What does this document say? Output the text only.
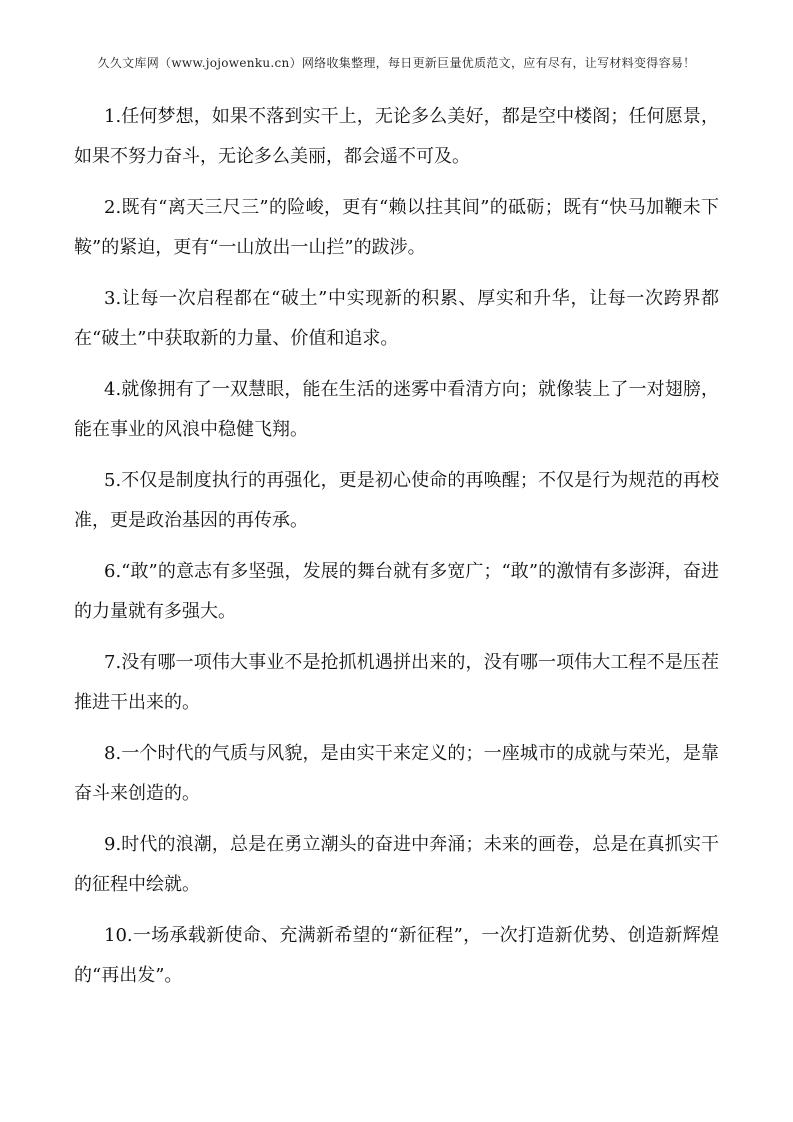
久久文库网（www.jojowenku.cn）网络收集整理，每日更新巨量优质范文，应有尽有，让写材料变得容易！

1.任何梦想，如果不落到实干上，无论多么美好，都是空中楼阁；任何愿景，如果不努力奋斗，无论多么美丽，都会遥不可及。

2.既有“离天三尺三”的险峻，更有“赖以拄其间”的砥砺；既有“快马加鞭未下鞍”的紧迫，更有“一山放出一山拦”的跋涉。

3.让每一次启程都在“破土”中实现新的积累、厚实和升华，让每一次跨界都在“破土”中获取新的力量、价值和追求。

4.就像拥有了一双慧眼，能在生活的迷雾中看清方向；就像装上了一对翅膀，能在事业的风浪中稳健飞翔。

5.不仅是制度执行的再强化，更是初心使命的再唤醒；不仅是行为规范的再校准，更是政治基因的再传承。

6.“敢”的意志有多坚强，发展的舞台就有多宽广；“敢”的激情有多澎湃，奋进的力量就有多强大。

7.没有哪一项伟大事业不是抢抓机遇拼出来的，没有哪一项伟大工程不是压茬推进干出来的。

8.一个时代的气质与风貌，是由实干来定义的；一座城市的成就与荣光，是靠奋斗来创造的。

9.时代的浪潮，总是在勇立潮头的奋进中奔涌；未来的画卷，总是在真抓实干的征程中绘就。

10.一场承载新使命、充满新希望的“新征程”，一次打造新优势、创造新辉煌的“再出发”。
